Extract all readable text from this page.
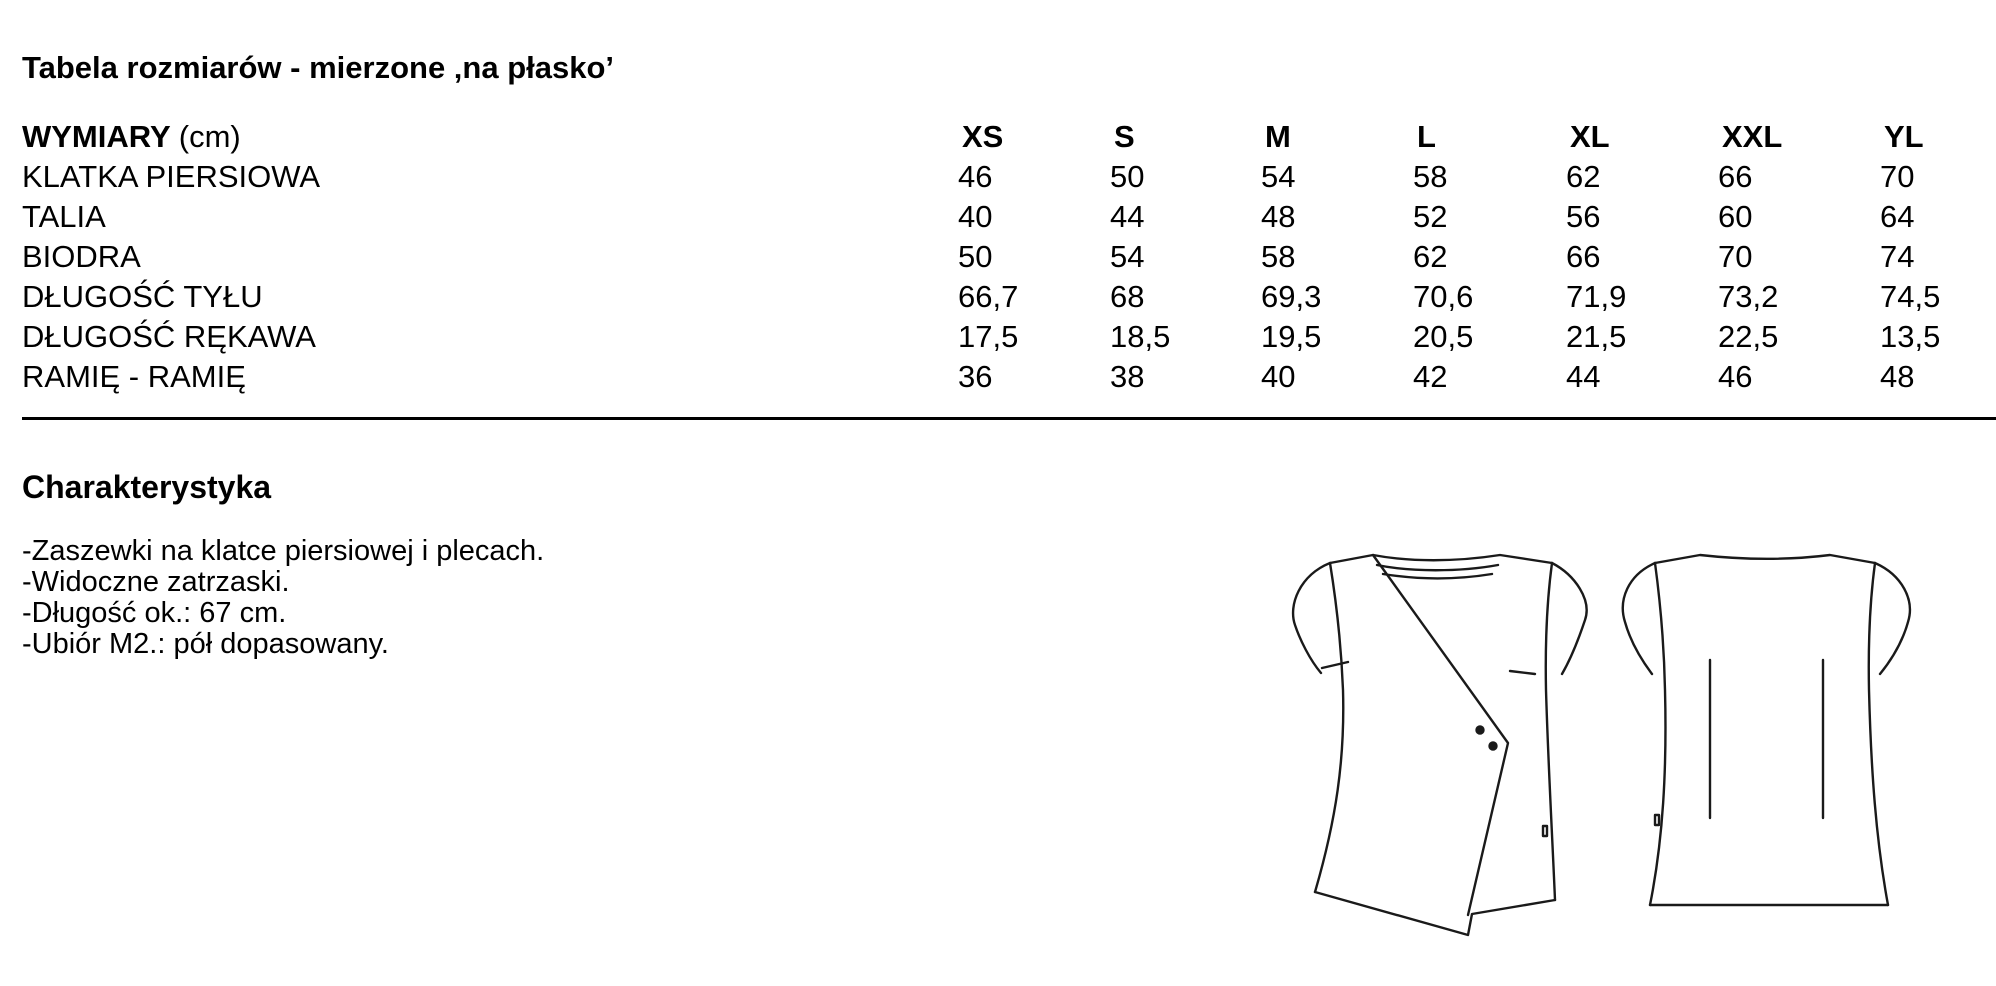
Tabela rozmiarów - mierzone ‚na płasko’
WYMIARY (cm)	XS	S	M	L	XL	XXL	YL
KLATKA PIERSIOWA	46	50	54	58	62	66	70
TALIA	40	44	48	52	56	60	64
BIODRA	50	54	58	62	66	70	74
DŁUGOŚĆ TYŁU	66,7	68	69,3	70,6	71,9	73,2	74,5
DŁUGOŚĆ RĘKAWA	17,5	18,5	19,5	20,5	21,5	22,5	13,5
RAMIĘ - RAMIĘ	36	38	40	42	44	46	48
Charakterystyka
-Zaszewki na klatce piersiowej i plecach.
-Widoczne zatrzaski.
-Długość ok.: 67 cm.
-Ubiór M2.: pół dopasowany.
